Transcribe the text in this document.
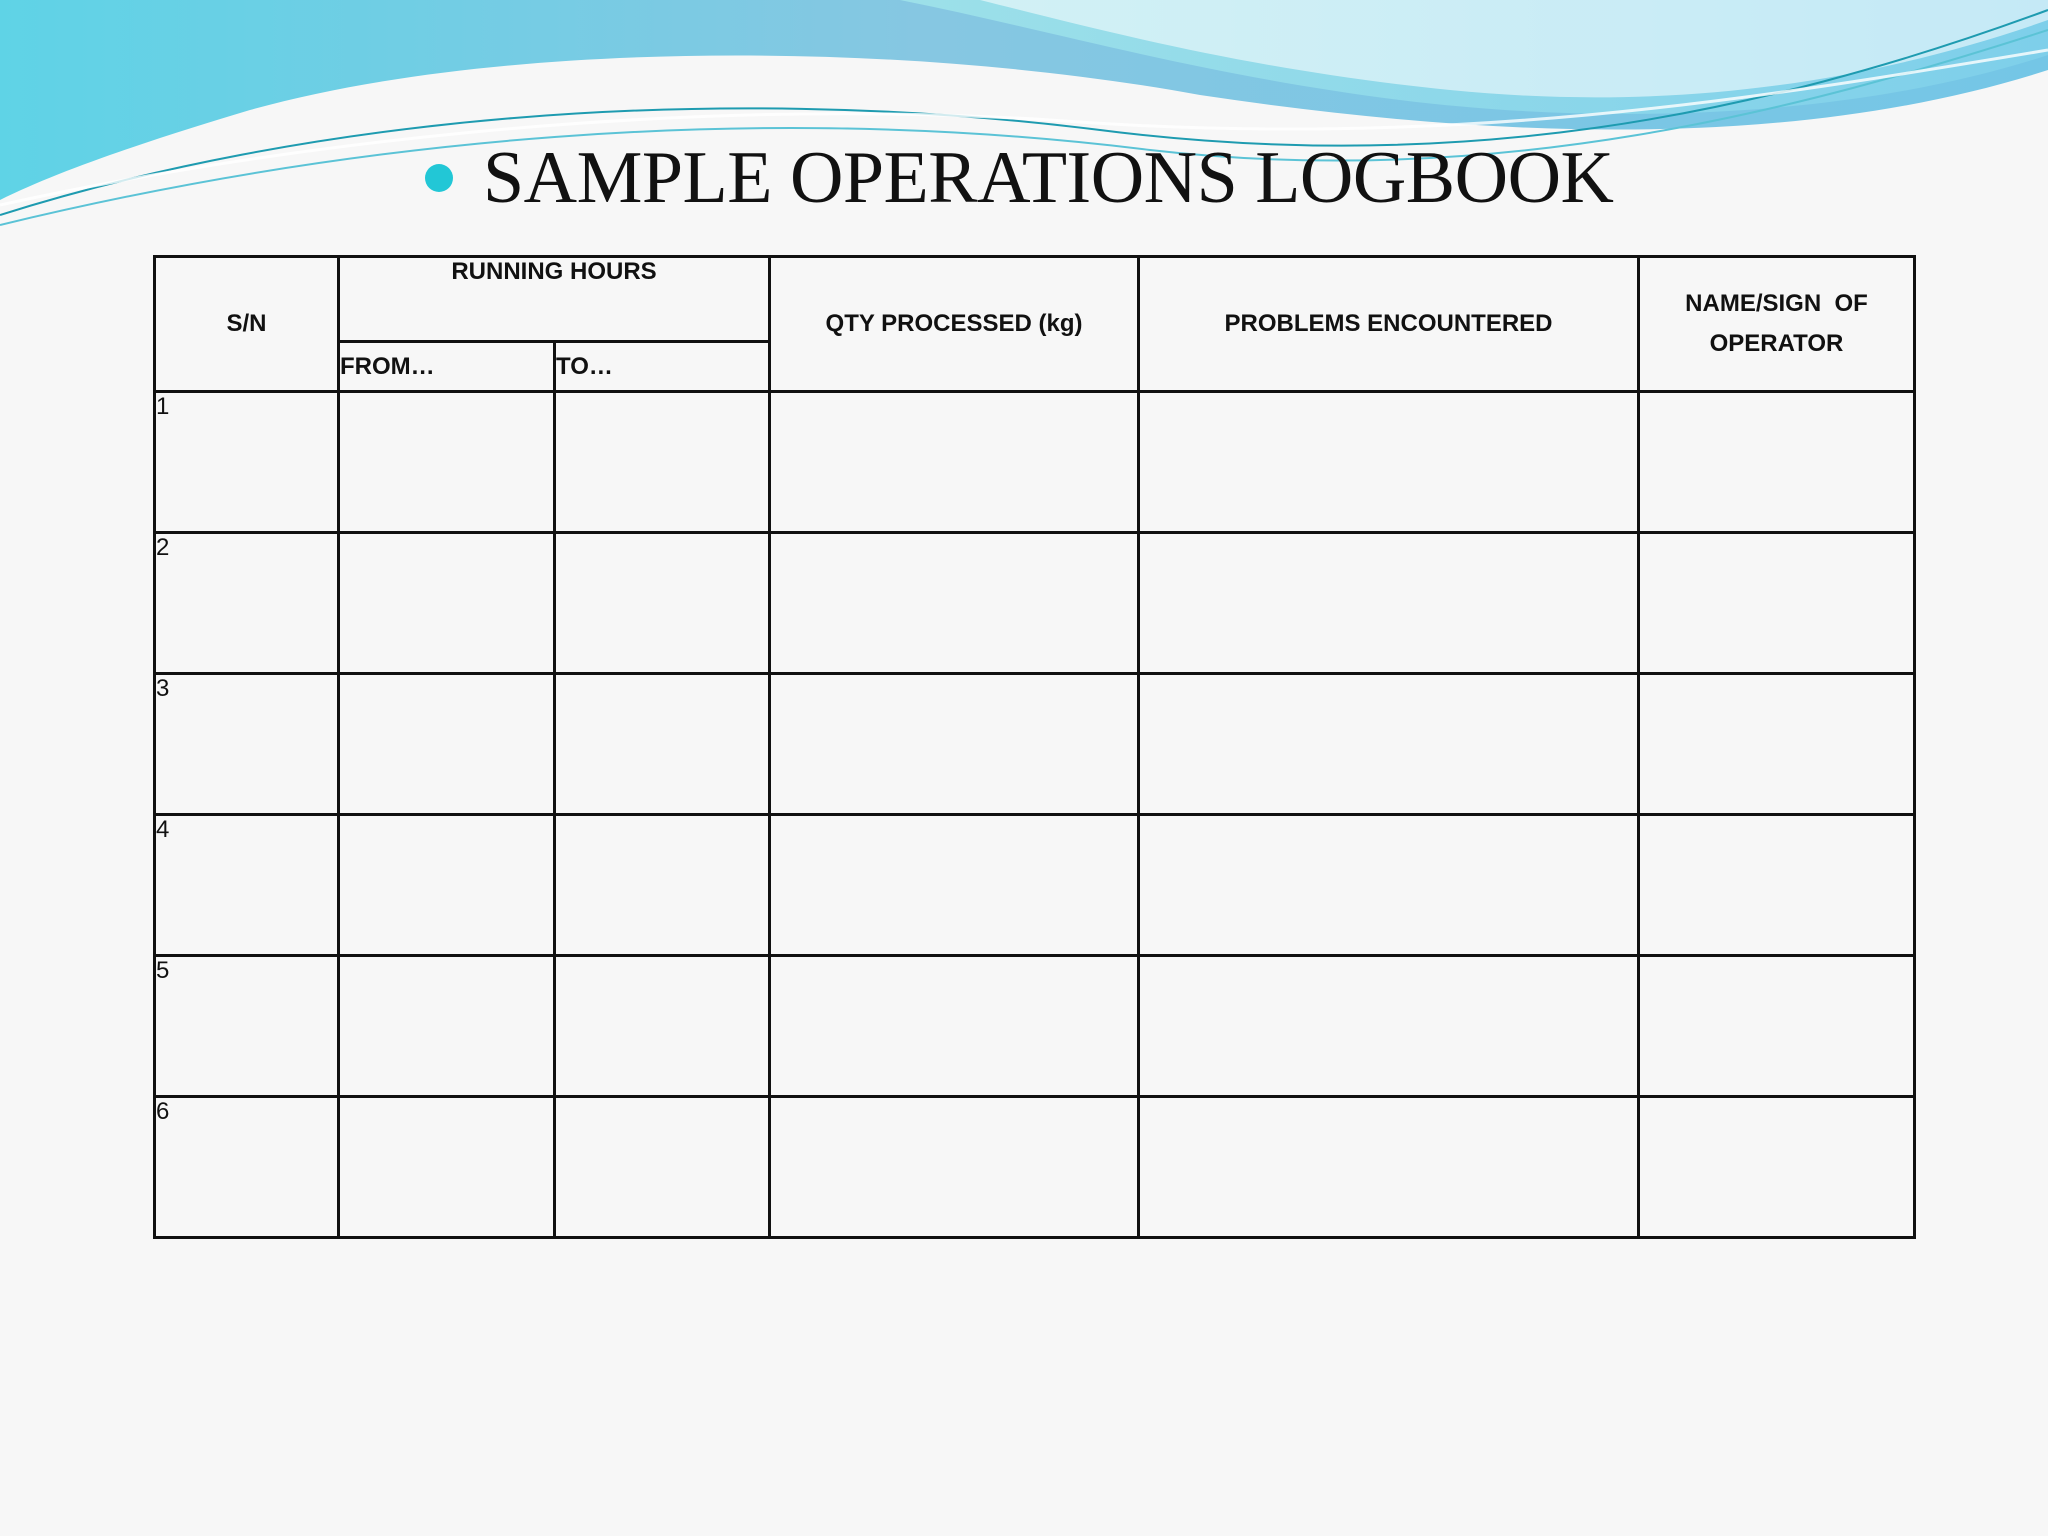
SAMPLE OPERATIONS LOGBOOK
S/N	RUNNING HOURS		QTY PROCESSED (kg)	PROBLEMS ENCOUNTERED	NAME/SIGN  OF
OPERATOR

	FROM…	TO…			
1					
2					
3					
4					
5					
6					
